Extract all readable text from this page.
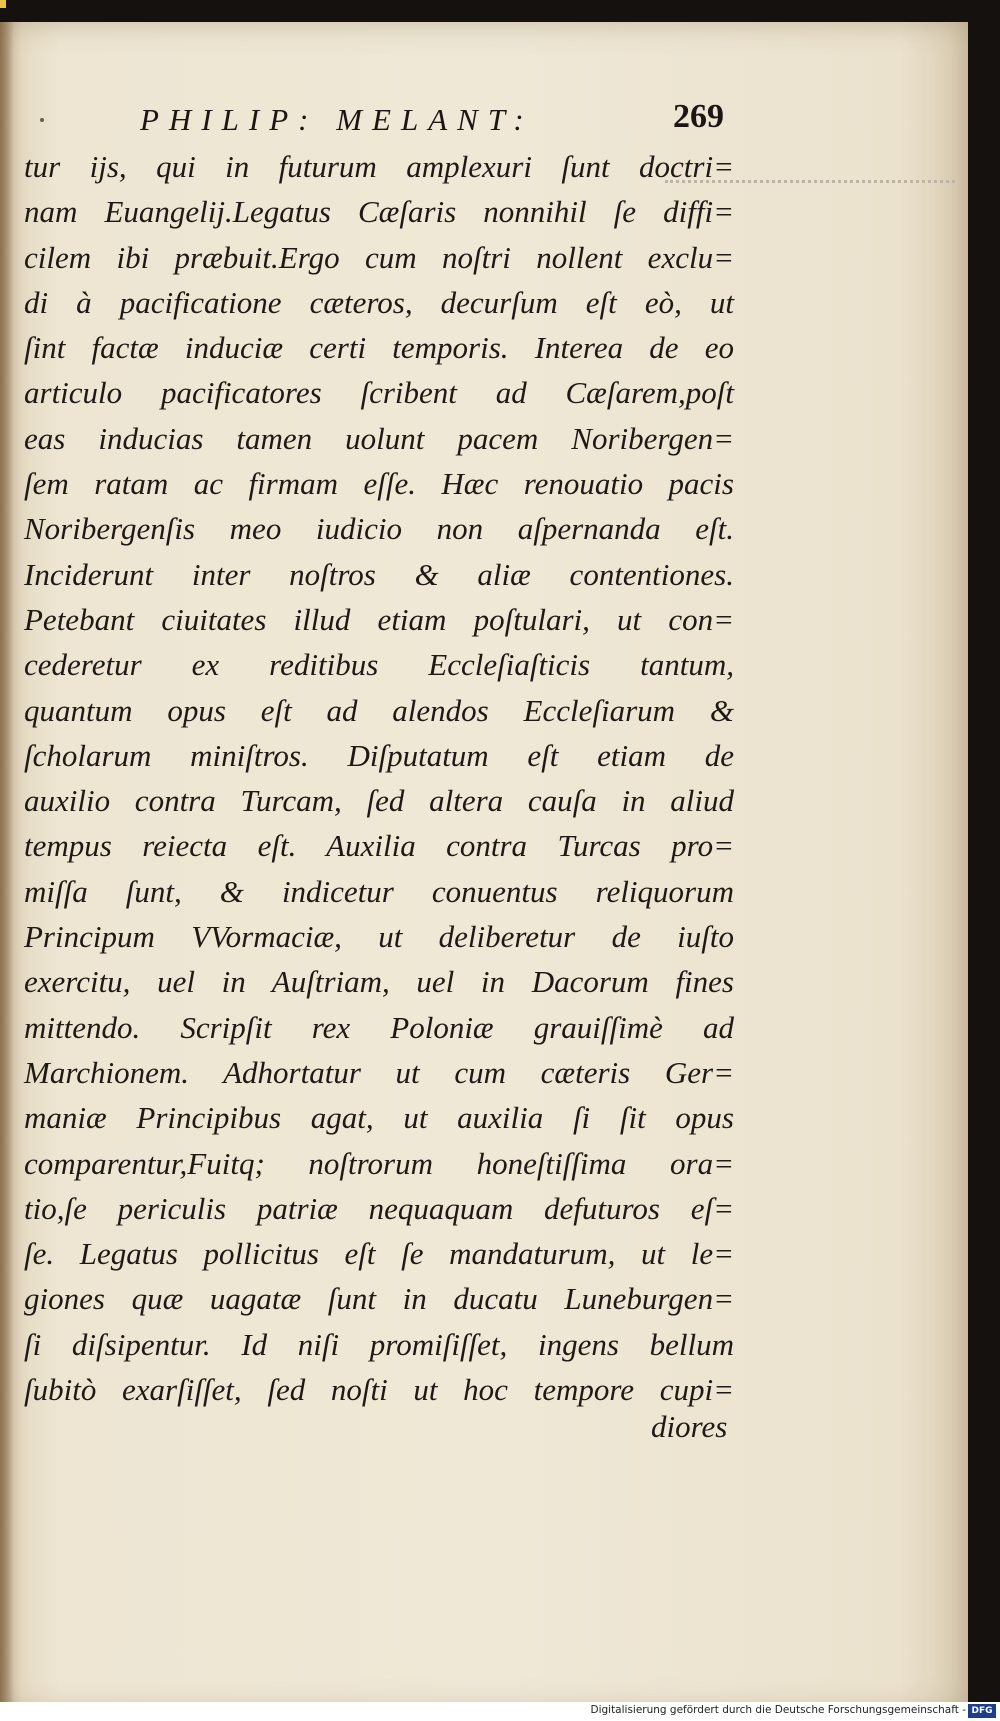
PHILIP: MELANT:	269
tur ijs, qui in futurum amplexuri ſunt doctri=
nam Euangelij.Legatus Cæſaris nonnihil ſe diffi=
cilem ibi præbuit.Ergo cum noſtri nollent exclu=
di à pacificatione cæteros, decurſum eſt eò, ut
ſint factæ induciæ certi temporis. Interea de eo
articulo pacificatores ſcribent ad Cæſarem,poſt
eas inducias tamen uolunt pacem Noribergen=
ſem ratam ac firmam eſſe. Hæc renouatio pacis
Noribergenſis meo iudicio non aſpernanda eſt.
Inciderunt inter noſtros & aliæ contentiones.
Petebant ciuitates illud etiam poſtulari, ut con=
cederetur ex reditibus Eccleſiaſticis tantum,
quantum opus eſt ad alendos Eccleſiarum &
ſcholarum miniſtros. Diſputatum eſt etiam de
auxilio contra Turcam, ſed altera cauſa in aliud
tempus reiecta eſt. Auxilia contra Turcas pro=
miſſa ſunt, & indicetur conuentus reliquorum
Principum VVormaciæ, ut deliberetur de iuſto
exercitu, uel in Auſtriam, uel in Dacorum fines
mittendo. Scripſit rex Poloniæ grauiſſimè ad
Marchionem. Adhortatur ut cum cæteris Ger=
maniæ Principibus agat, ut auxilia ſi ſit opus
comparentur,Fuitq; noſtrorum honeſtiſſima ora=
tio,ſe periculis patriæ nequaquam defuturos eſ=
ſe. Legatus pollicitus eſt ſe mandaturum, ut le=
giones quæ uagatæ ſunt in ducatu Luneburgen=
ſi diſsipentur. Id niſi promiſiſſet, ingens bellum
ſubitò exarſiſſet, ſed noſti ut hoc tempore cupi=
diores
Digitalisierung gefördert durch die Deutsche Forschungsgemeinschaft - DFG
